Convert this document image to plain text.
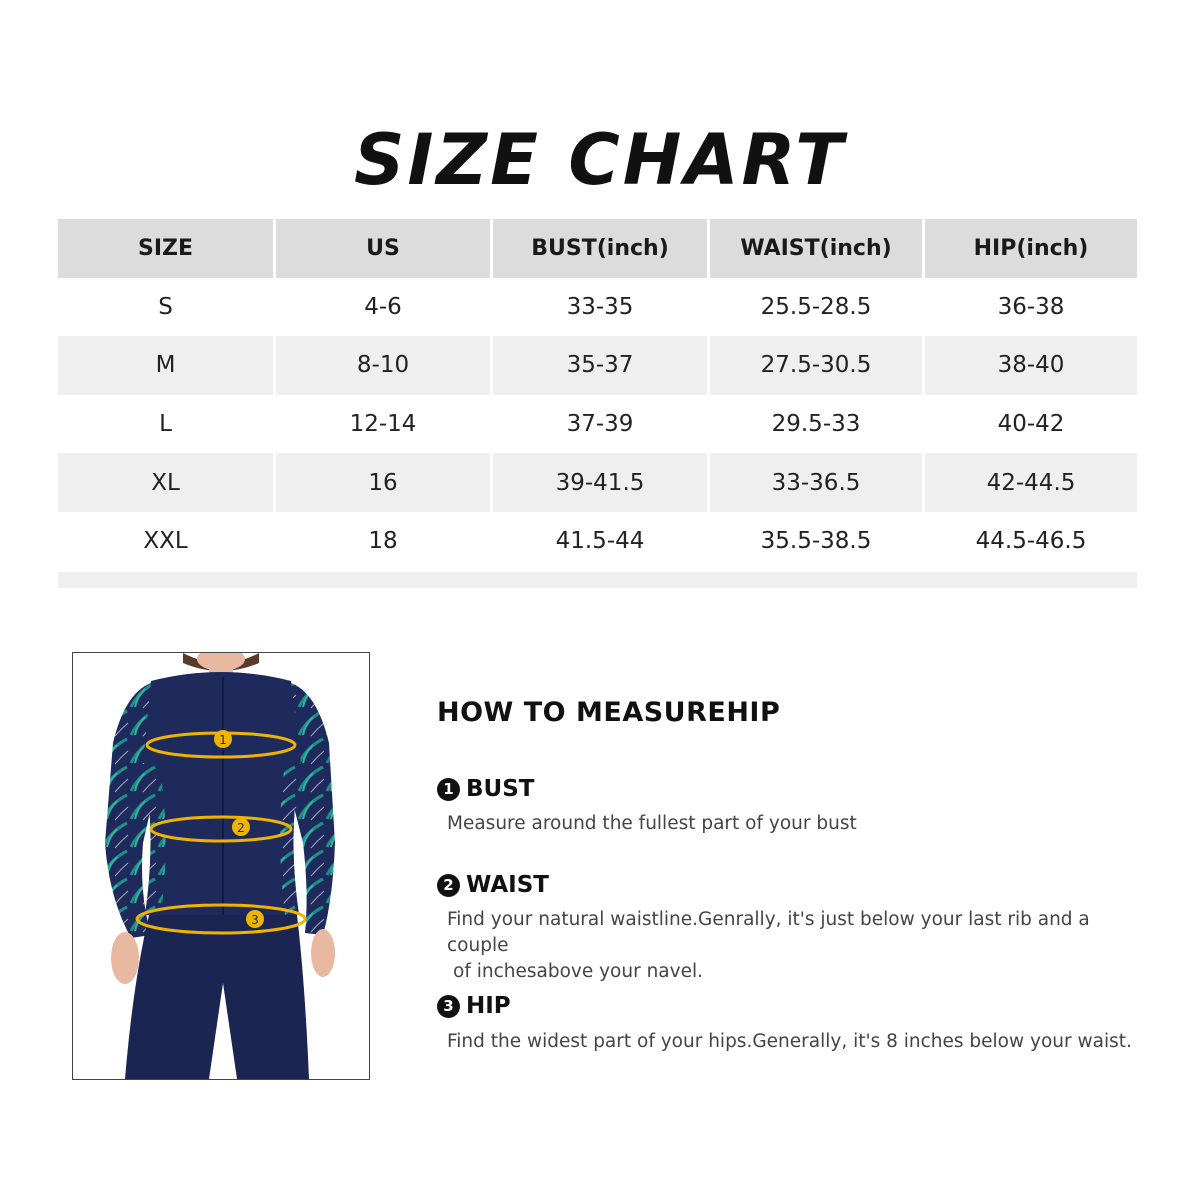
SIZE CHART
SIZE	US	BUST(inch)	WAIST(inch)	HIP(inch)
S	4-6	33-35	25.5-28.5	36-38
M	8-10	35-37	27.5-30.5	38-40
L	12-14	37-39	29.5-33	40-42
XL	16	39-41.5	33-36.5	42-44.5
XXL	18	41.5-44	35.5-38.5	44.5-46.5
1
2
3
HOW TO MEASUREHIP
1 BUST
Measure around the fullest part of your bust
2 WAIST
Find your natural waistline.Genrally, it's just below your last rib and a couple
of inchesabove your navel.
3 HIP
Find the widest part of your hips.Generally, it's 8 inches below your waist.
